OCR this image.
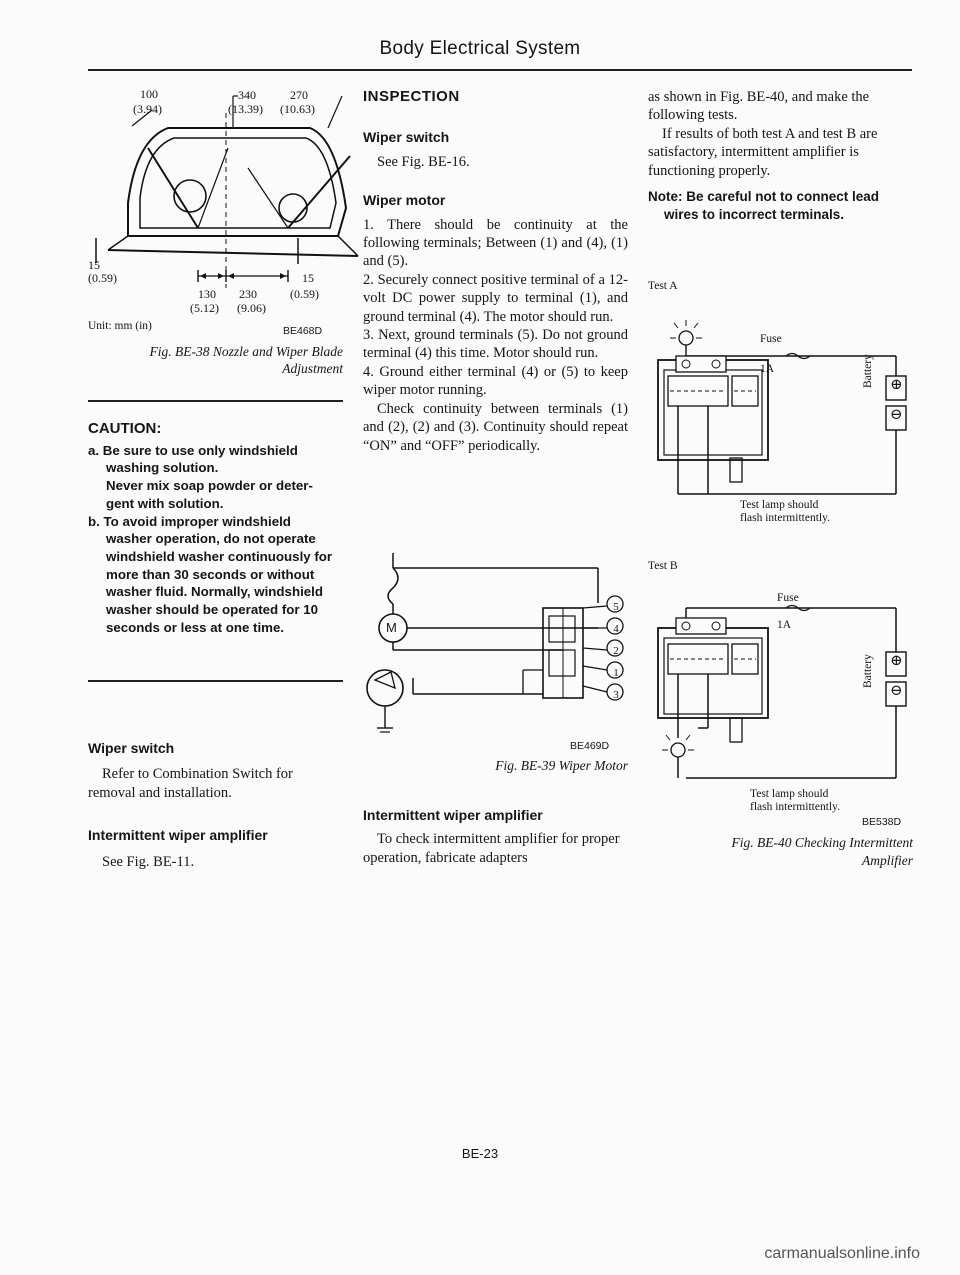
Body Electrical System
100
(3.94)
340
(13.39)
270
(10.63)
15
(0.59)	15
(0.59)
130
(5.12)
230
(9.06)
Unit: mm (in)	BE468D
Fig. BE-38 Nozzle and Wiper Blade
Adjustment
CAUTION:
a. Be sure to use only windshield
washing solution.
Never mix soap powder or deter-
gent with solution.
b. To avoid improper windshield
washer operation, do not operate
windshield washer continuously for
more than 30 seconds or without
washer fluid. Normally, windshield
washer should be operated for 10
seconds or less at one time.
Wiper switch

Refer to Combination Switch for removal and installation.

Intermittent wiper amplifier

See Fig. BE-11.

INSPECTION
Wiper switch

See Fig. BE-16.

Wiper motor

1. There should be continuity at the following terminals; Between (1) and (4), (1) and (5).

2. Securely connect positive terminal of a 12-volt DC power supply to terminal (1), and ground terminal (4). The motor should run.

3. Next, ground terminals (5). Do not ground terminal (4) this time. Motor should run.

4. Ground either terminal (4) or (5) to keep wiper motor running.

Check continuity between terminals (1) and (2), (2) and (3). Continuity should repeat “ON” and “OFF” periodically.

M
5
4
2
1
3
BE469D
Fig. BE-39 Wiper Motor
Intermittent wiper amplifier

To check intermittent amplifier for proper operation, fabricate adapters

as shown in Fig. BE-40, and make the following tests.

If results of both test A and test B are satisfactory, intermittent amplifier is functioning properly.

Note: Be careful not to connect lead wires to incorrect terminals.

Test A
Fuse
1A	Battery ⊕
⊖
Test lamp should
flash intermittently.
Test B
Fuse
1A
Battery ⊕
⊖
Test lamp should
flash intermittently.
BE538D
Fig. BE-40 Checking Intermittent
Amplifier
BE-23
carmanualsonline.info
